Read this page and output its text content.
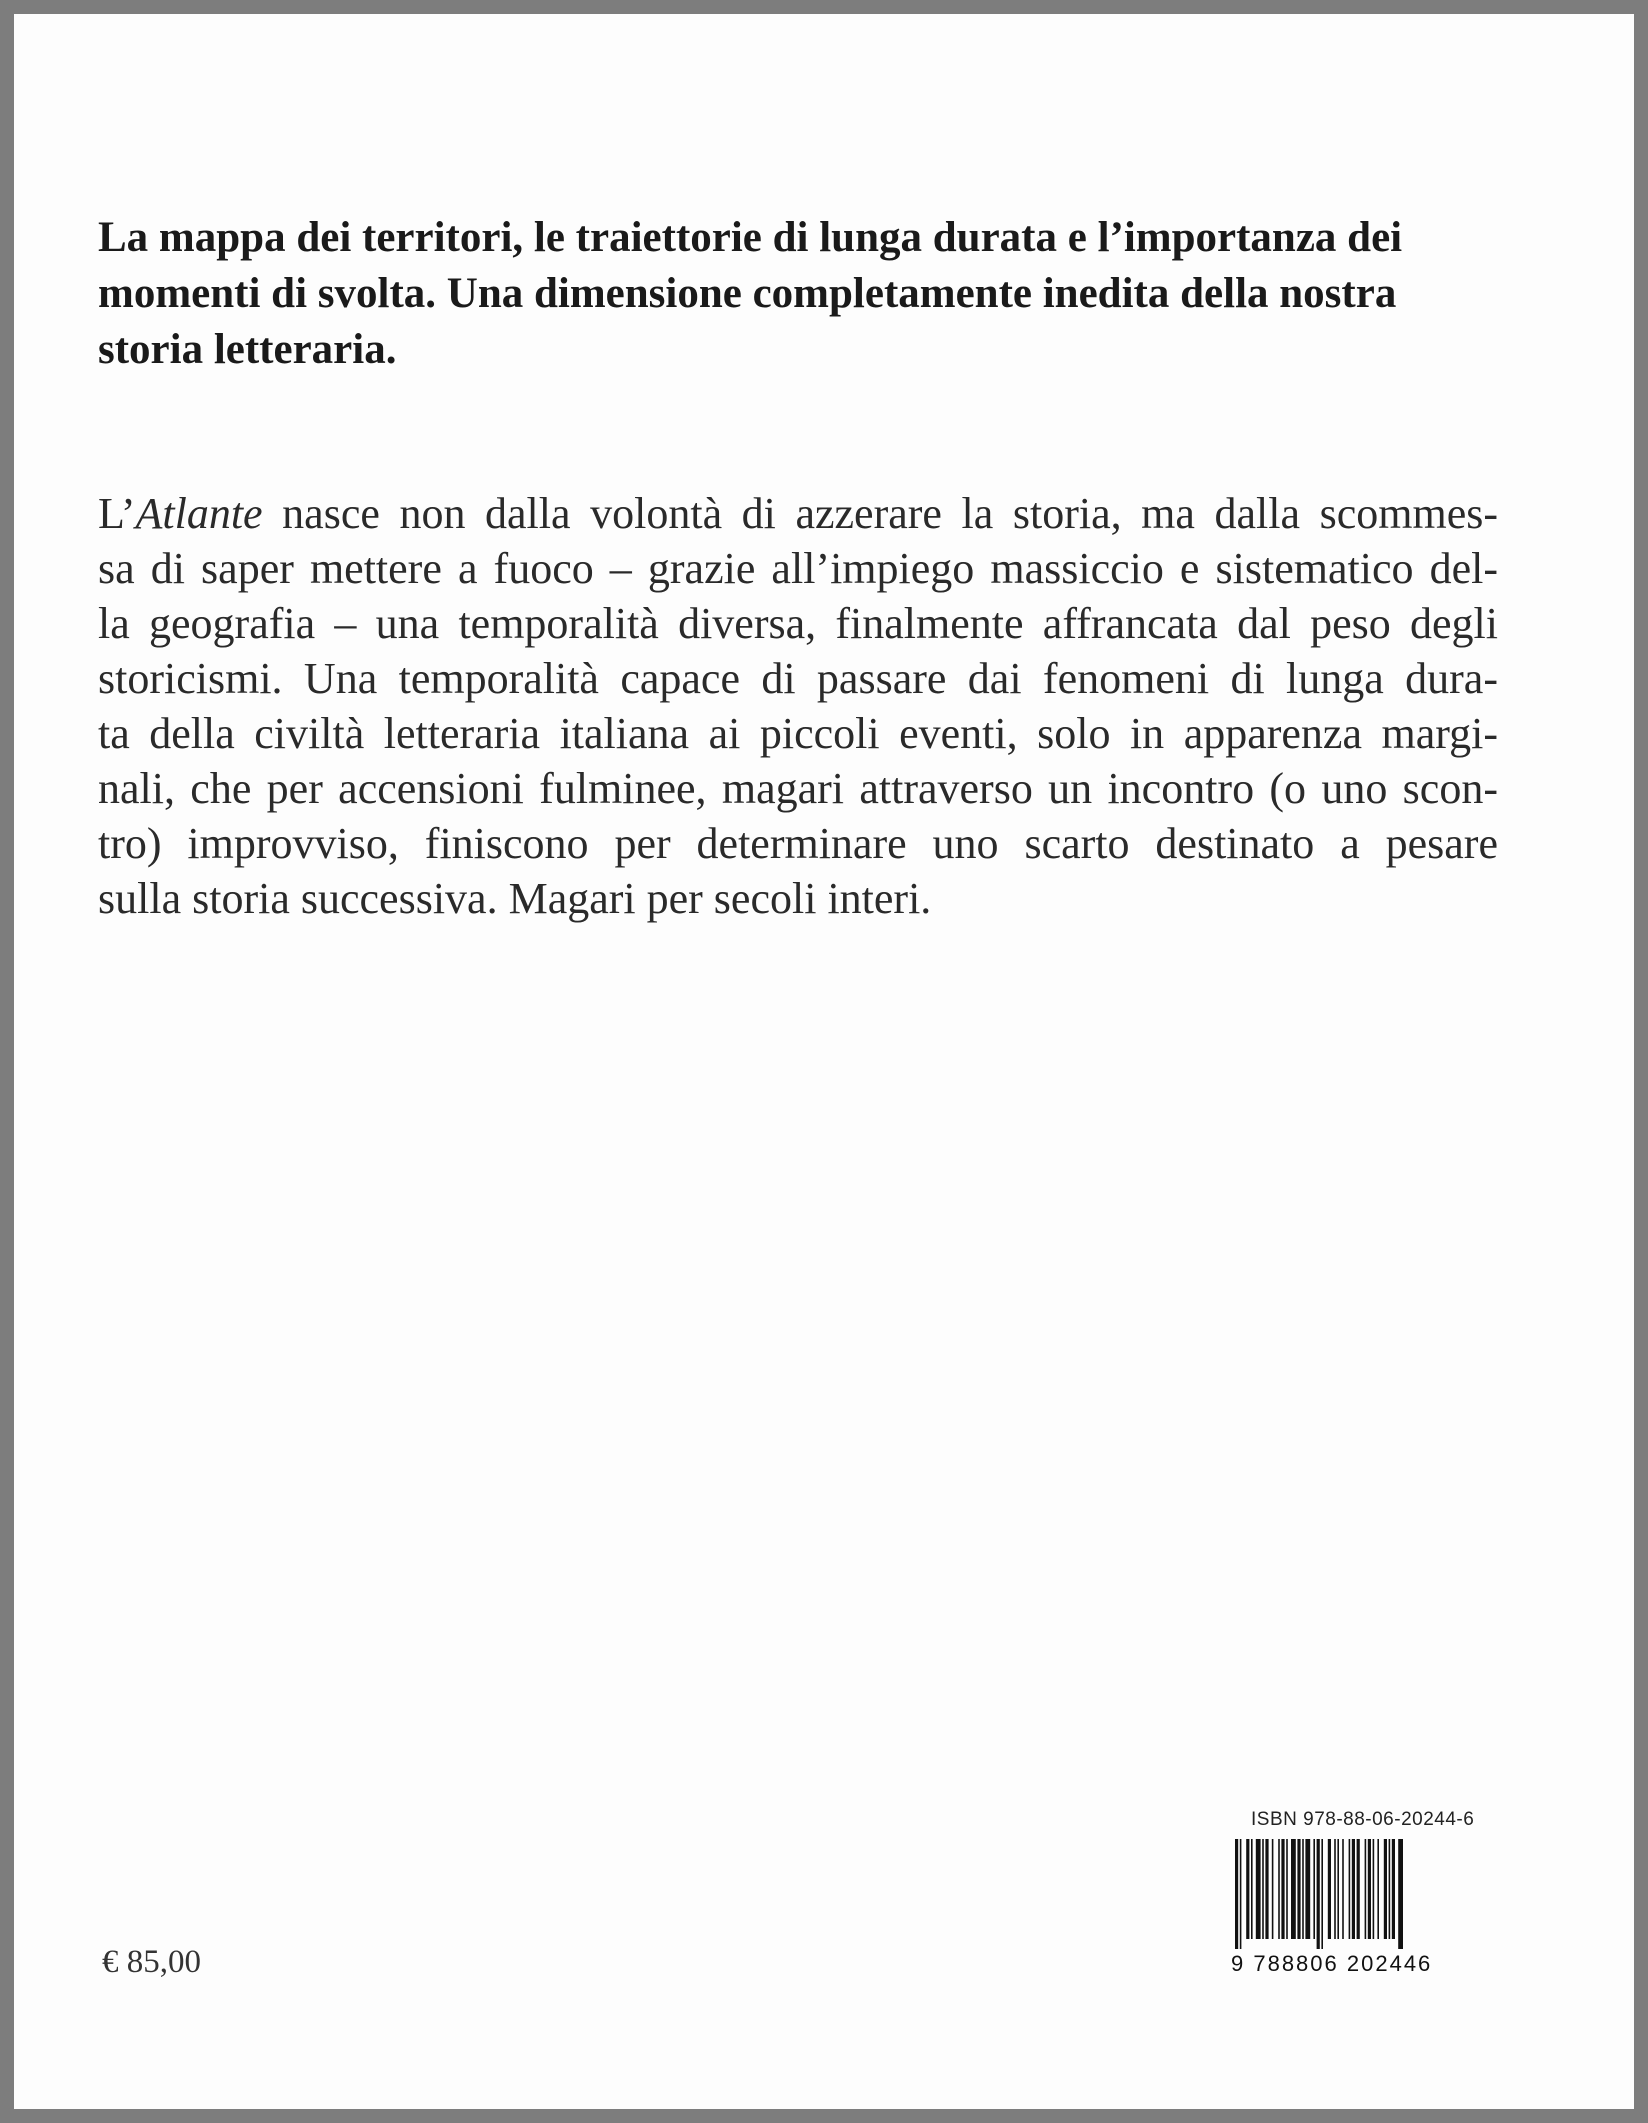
La mappa dei territori, le traiettorie di lunga durata e l’importanza dei momenti di svolta. Una dimensione completamente inedita della nostra storia letteraria.

L’Atlante nasce non dalla volontà di azzerare la storia, ma dalla scommes-
sa di saper mettere a fuoco – grazie all’impiego massiccio e sistematico del-
la geografia – una temporalità diversa, finalmente affrancata dal peso degli
storicismi. Una temporalità capace di passare dai fenomeni di lunga dura-
ta della civiltà letteraria italiana ai piccoli eventi, solo in apparenza margi-
nali, che per accensioni fulminee, magari attraverso un incontro (o uno scon-
tro) improvviso, finiscono per determinare uno scarto destinato a pesare
sulla storia successiva. Magari per secoli interi.
€ 85,00
ISBN 978-88-06-20244-6
9 788806 202446
